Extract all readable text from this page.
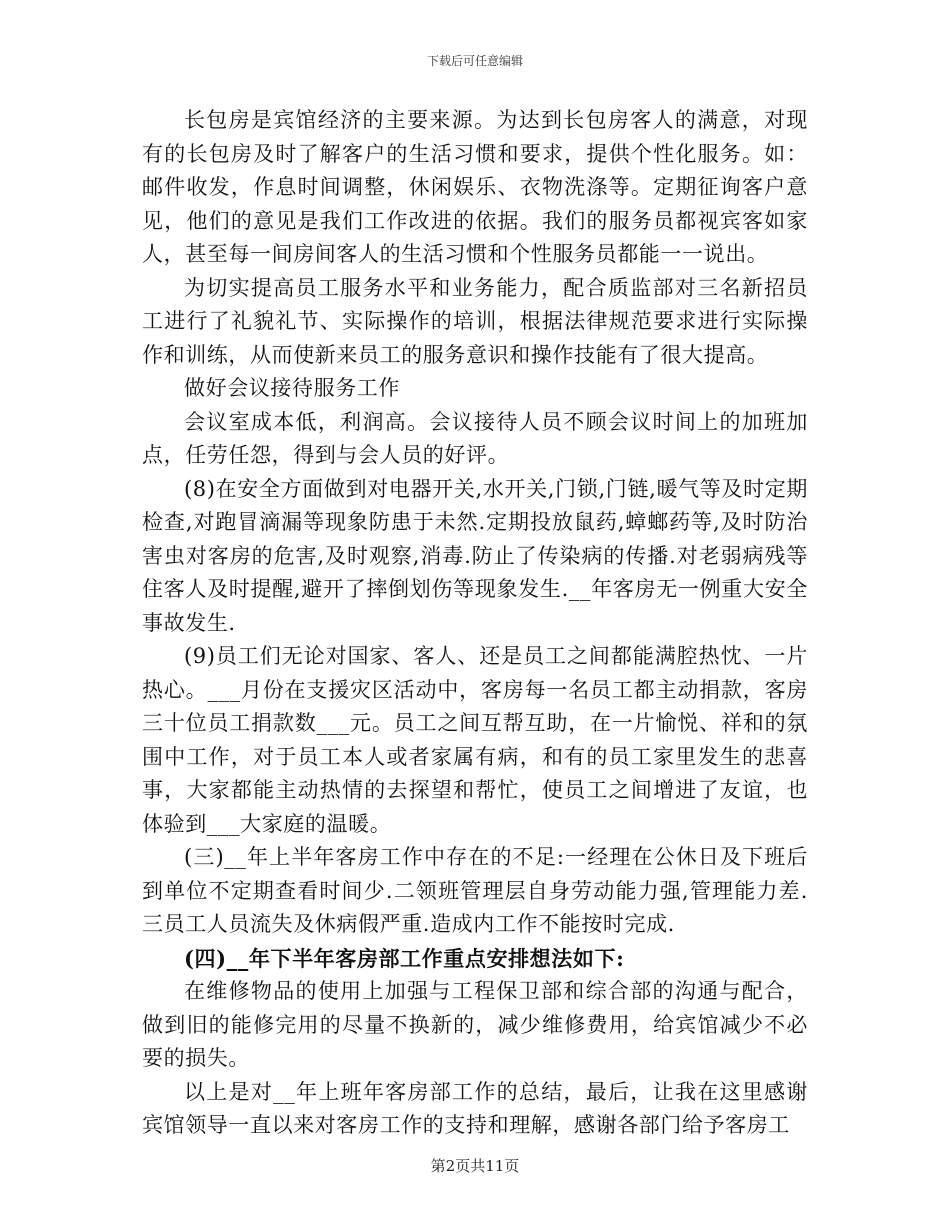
下载后可任意编辑

长包房是宾馆经济的主要来源。为达到长包房客人的满意，对现有的长包房及时了解客户的生活习惯和要求，提供个性化服务。如：邮件收发，作息时间调整，休闲娱乐、衣物洗涤等。定期征询客户意见，他们的意见是我们工作改进的依据。我们的服务员都视宾客如家人，甚至每一间房间客人的生活习惯和个性服务员都能一一说出。

为切实提高员工服务水平和业务能力，配合质监部对三名新招员工进行了礼貌礼节、实际操作的培训，根据法律规范要求进行实际操作和训练，从而使新来员工的服务意识和操作技能有了很大提高。

做好会议接待服务工作

会议室成本低，利润高。会议接待人员不顾会议时间上的加班加点，任劳任怨，得到与会人员的好评。

(8)在安全方面做到对电器开关,水开关,门锁,门链,暖气等及时定期检查,对跑冒滴漏等现象防患于未然.定期投放鼠药,蟑螂药等,及时防治害虫对客房的危害,及时观察,消毒.防止了传染病的传播.对老弱病残等住客人及时提醒,避开了摔倒划伤等现象发生.__年客房无一例重大安全事故发生.

(9)员工们无论对国家、客人、还是员工之间都能满腔热忱、一片热心。___月份在支援灾区活动中，客房每一名员工都主动捐款，客房三十位员工捐款数___元。员工之间互帮互助，在一片愉悦、祥和的氛围中工作，对于员工本人或者家属有病，和有的员工家里发生的悲喜事，大家都能主动热情的去探望和帮忙，使员工之间增进了友谊，也体验到___大家庭的温暖。

(三)__年上半年客房工作中存在的不足:一经理在公休日及下班后到单位不定期查看时间少.二领班管理层自身劳动能力强,管理能力差.三员工人员流失及休病假严重.造成内工作不能按时完成.

(四)__年下半年客房部工作重点安排想法如下:

在维修物品的使用上加强与工程保卫部和综合部的沟通与配合，做到旧的能修完用的尽量不换新的，减少维修费用，给宾馆减少不必要的损失。

以上是对__年上班年客房部工作的总结，最后，让我在这里感谢宾馆领导一直以来对客房工作的支持和理解，感谢各部门给予客房工

第2页共11页
